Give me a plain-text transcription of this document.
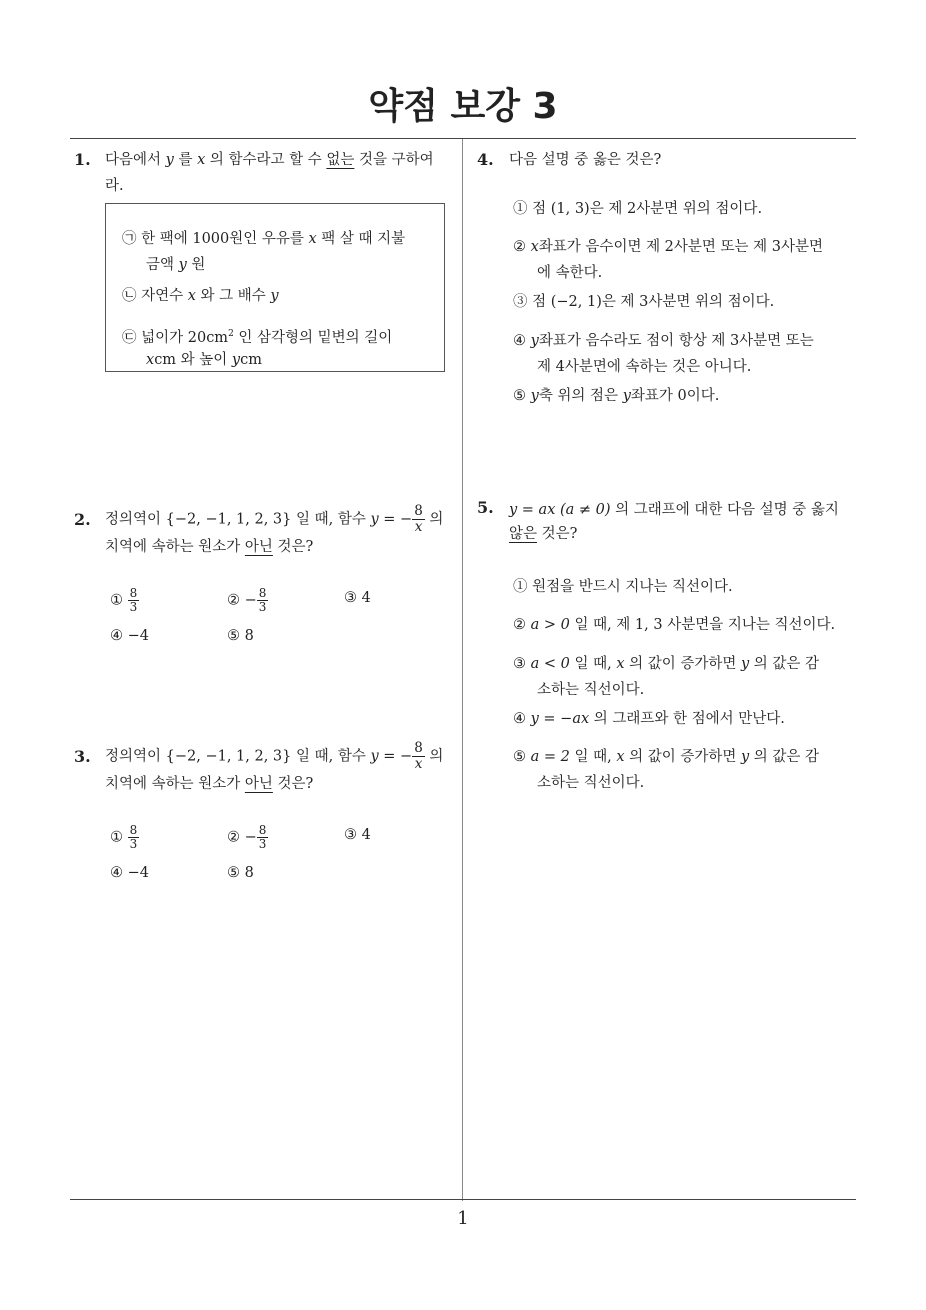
약점 보강 3
1
1. 다음에서 y 를 x 의 함수라고 할 수 없는 것을 구하여
라.
㉠ 한 팩에 1000원인 우유를 x 팩 살 때 지불
금액 y 원
㉡ 자연수 x 와 그 배수 y
㉢ 넓이가 $20cm^2$ 인 삼각형의 밑변의 길이
xcm 와 높이 ycm
2. 정의역이 {−2, −1, 1, 2, 3} 일 때, 함수 y = − $\frac{8}{x}$ 의
치역에 속하는 원소가 아닌 것은?
① $\frac{8}{3}$	② − $\frac{8}{3}$	③ 4
④ −4	⑤ 8
3. 정의역이 {−2, −1, 1, 2, 3} 일 때, 함수 y = − $\frac{8}{x}$ 의
치역에 속하는 원소가 아닌 것은?
① $\frac{8}{3}$	② − $\frac{8}{3}$	③ 4
④ −4	⑤ 8
4. 다음 설명 중 옳은 것은?
① 점 (1, 3)은 제 2사분면 위의 점이다.
② x좌표가 음수이면 제 2사분면 또는 제 3사분면
에 속한다.
③ 점 (−2, 1)은 제 3사분면 위의 점이다.
④ y좌표가 음수라도 점이 항상 제 3사분면 또는
제 4사분면에 속하는 것은 아니다.
⑤ y축 위의 점은 y좌표가 0이다.
5. y = ax (a ≠ 0) 의 그래프에 대한 다음 설명 중 옳지
않은 것은?
① 원점을 반드시 지나는 직선이다.
② a > 0 일 때, 제 1, 3 사분면을 지나는 직선이다.
③ a < 0 일 때, x 의 값이 증가하면 y 의 값은 감
소하는 직선이다.
④ y = −ax 의 그래프와 한 점에서 만난다.
⑤ a = 2 일 때, x 의 값이 증가하면 y 의 값은 감
소하는 직선이다.
